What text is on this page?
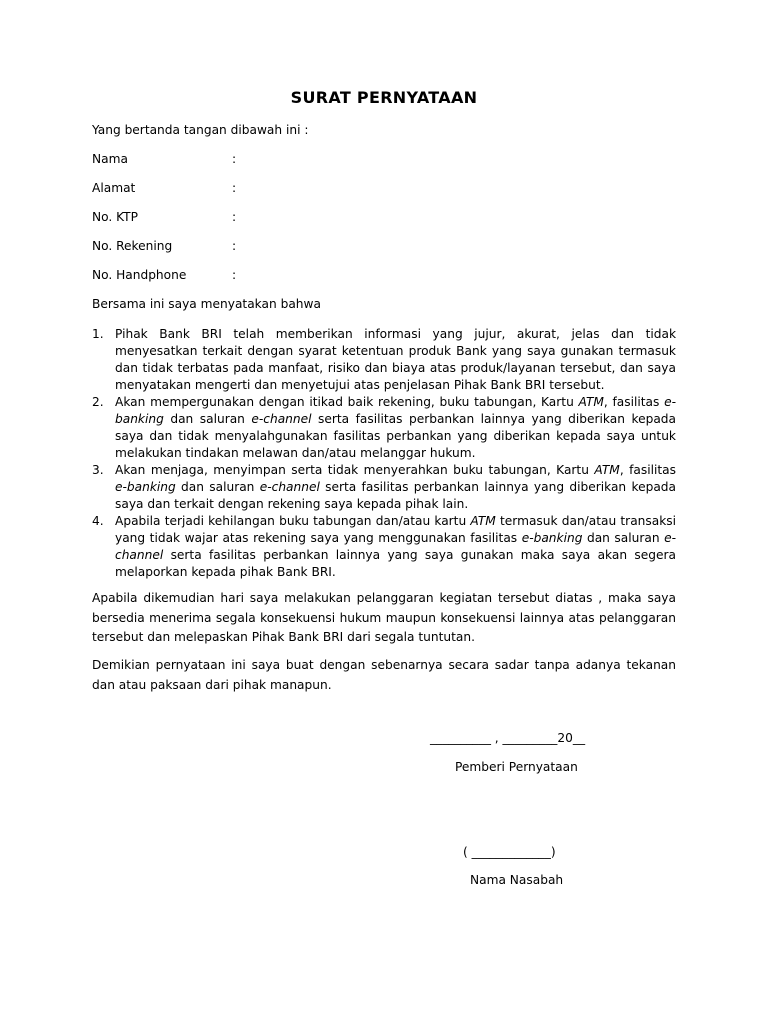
SURAT PERNYATAAN
Yang bertanda tangan dibawah ini :
Nama	:
Alamat	:
No. KTP	:
No. Rekening	:
No. Handphone	:
Bersama ini saya menyatakan bahwa
1. Pihak Bank BRI telah memberikan informasi yang jujur, akurat, jelas dan tidak menyesatkan terkait dengan syarat ketentuan produk Bank yang saya gunakan termasuk dan tidak terbatas pada manfaat, risiko dan biaya atas produk/layanan tersebut, dan saya menyatakan mengerti dan menyetujui atas penjelasan Pihak Bank BRI tersebut.
2. Akan mempergunakan dengan itikad baik rekening, buku tabungan, Kartu ATM, fasilitas e-banking dan saluran e-channel serta fasilitas perbankan lainnya yang diberikan kepada saya dan tidak menyalahgunakan fasilitas perbankan yang diberikan kepada saya untuk melakukan tindakan melawan dan/atau melanggar hukum.
3. Akan menjaga, menyimpan serta tidak menyerahkan buku tabungan, Kartu ATM, fasilitas e-banking dan saluran e-channel serta fasilitas perbankan lainnya yang diberikan kepada saya dan terkait dengan rekening saya kepada pihak lain.
4. Apabila terjadi kehilangan buku tabungan dan/atau kartu ATM termasuk dan/atau transaksi yang tidak wajar atas rekening saya yang menggunakan fasilitas e-banking dan saluran e-channel serta fasilitas perbankan lainnya yang saya gunakan maka saya akan segera melaporkan kepada pihak Bank BRI.
Apabila dikemudian hari saya melakukan pelanggaran kegiatan tersebut diatas , maka saya bersedia menerima segala konsekuensi hukum maupun konsekuensi lainnya atas pelanggaran tersebut dan melepaskan Pihak Bank BRI dari segala tuntutan.
Demikian pernyataan ini saya buat dengan sebenarnya secara sadar tanpa adanya tekanan dan atau paksaan dari pihak manapun.
__________ , _________20__
Pemberi Pernyataan
( _____________)
Nama Nasabah
